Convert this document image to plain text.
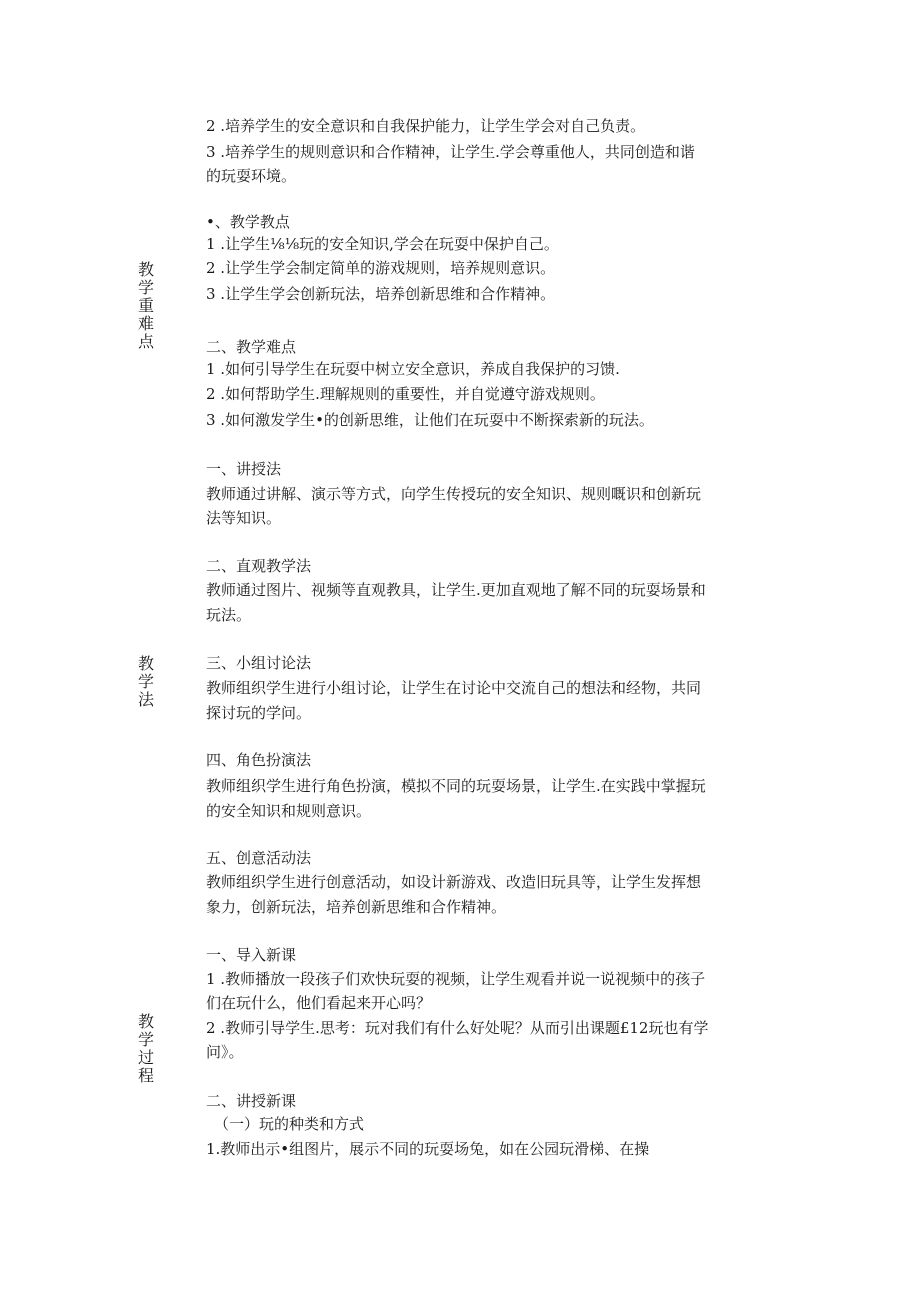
教
学
重
难
点
教
学
法
教
学
过
程
2 .培养学生的安全意识和自我保护能力，让学生学会对自己负责。
3 .培养学生的规则意识和合作精神，让学生.学会尊重他人，共同创造和谐
的玩耍环境。
•、教学教点
1 .让学生⅛⅛玩的安全知识,学会在玩耍中保护自己。
2 .让学生学会制定简单的游戏规则，培养规则意识。
3 .让学生学会创新玩法，培养创新思维和合作精神。
二、教学难点
1 .如何引导学生在玩耍中树立安全意识，养成自我保护的习馈.
2 .如何帮助学生.理解规则的重要性，并自觉遵守游戏规则。
3 .如何激发学生•的创新思维，让他们在玩耍中不断探索新的玩法。
一、讲授法
教师通过讲解、演示等方式，向学生传授玩的安全知识、规则嘅识和创新玩
法等知识。
二、直观教学法
教师通过图片、视频等直观教具，让学生.更加直观地了解不同的玩耍场景和
玩法。
三、小组讨论法
教师组织学生进行小组讨论，让学生在讨论中交流自己的想法和经物，共同
探讨玩的学问。
四、角色扮演法
教师组织学生进行角色扮演，模拟不同的玩耍场景，让学生.在实践中掌握玩
的安全知识和规则意识。
五、创意活动法
教师组织学生进行创意活动，如设计新游戏、改造旧玩具等，让学生发挥想
象力，创新玩法，培养创新思维和合作精神。
一、导入新课
1 .教师播放一段孩子们欢快玩耍的视频，让学生观看并说一说视频中的孩子
们在玩什么，他们看起来开心吗？
2 .教师引导学生.思考：玩对我们有什么好处呢？从而引出课题£12玩也有学
问》。
二、讲授新课
（一）玩的种类和方式
1.教师出示•组图片，展示不同的玩耍场兔，如在公园玩滑梯、在操
